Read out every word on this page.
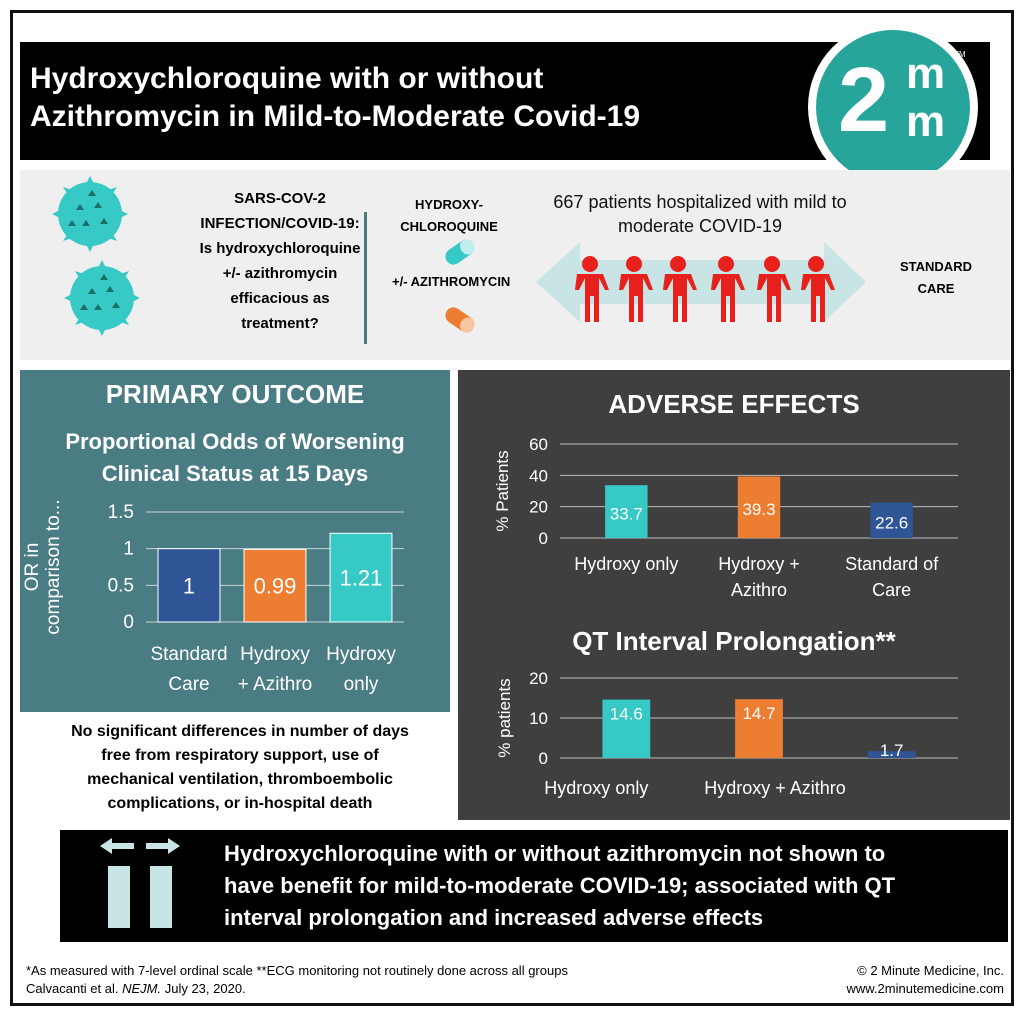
Hydroxychloroquine with or without
Azithromycin in Mild-to-Moderate Covid-19	2 m
m
TM
SARS-COV-2
INFECTION/COVID-19:
Is hydroxychloroquine
+/- azithromycin
efficacious as
treatment?
HYDROXY-
CHLOROQUINE
+/- AZITHROMYCIN
667 patients hospitalized with mild to
moderate COVID-19
STANDARD
CARE
PRIMARY OUTCOME
Proportional Odds of Worsening
Clinical Status at 15 Days
0
0.5
1
1.5
OR in comparison to...	1
Standard
Care
0.99
Hydroxy
+ Azithro
1.21
Hydroxy
only
ADVERSE EFFECTS
0
20
40
60
% Patients	33.7
Hydroxy only
39.3
Hydroxy +
Azithro
22.6
Standard of
Care
QT Interval Prolongation**
0
10
20
% patients	14.6
Hydroxy only
14.7
Hydroxy + Azithro
1.7
No significant differences in number of days
free from respiratory support, use of
mechanical ventilation, thromboembolic
complications, or in-hospital death
Hydroxychloroquine with or without azithromycin not shown to
have benefit for mild-to-moderate COVID-19; associated with QT
interval prolongation and increased adverse effects
*As measured with 7-level ordinal scale **ECG monitoring not routinely done across all groups
Calvacanti et al. NEJM. July 23, 2020.
© 2 Minute Medicine, Inc.
www.2minutemedicine.com
